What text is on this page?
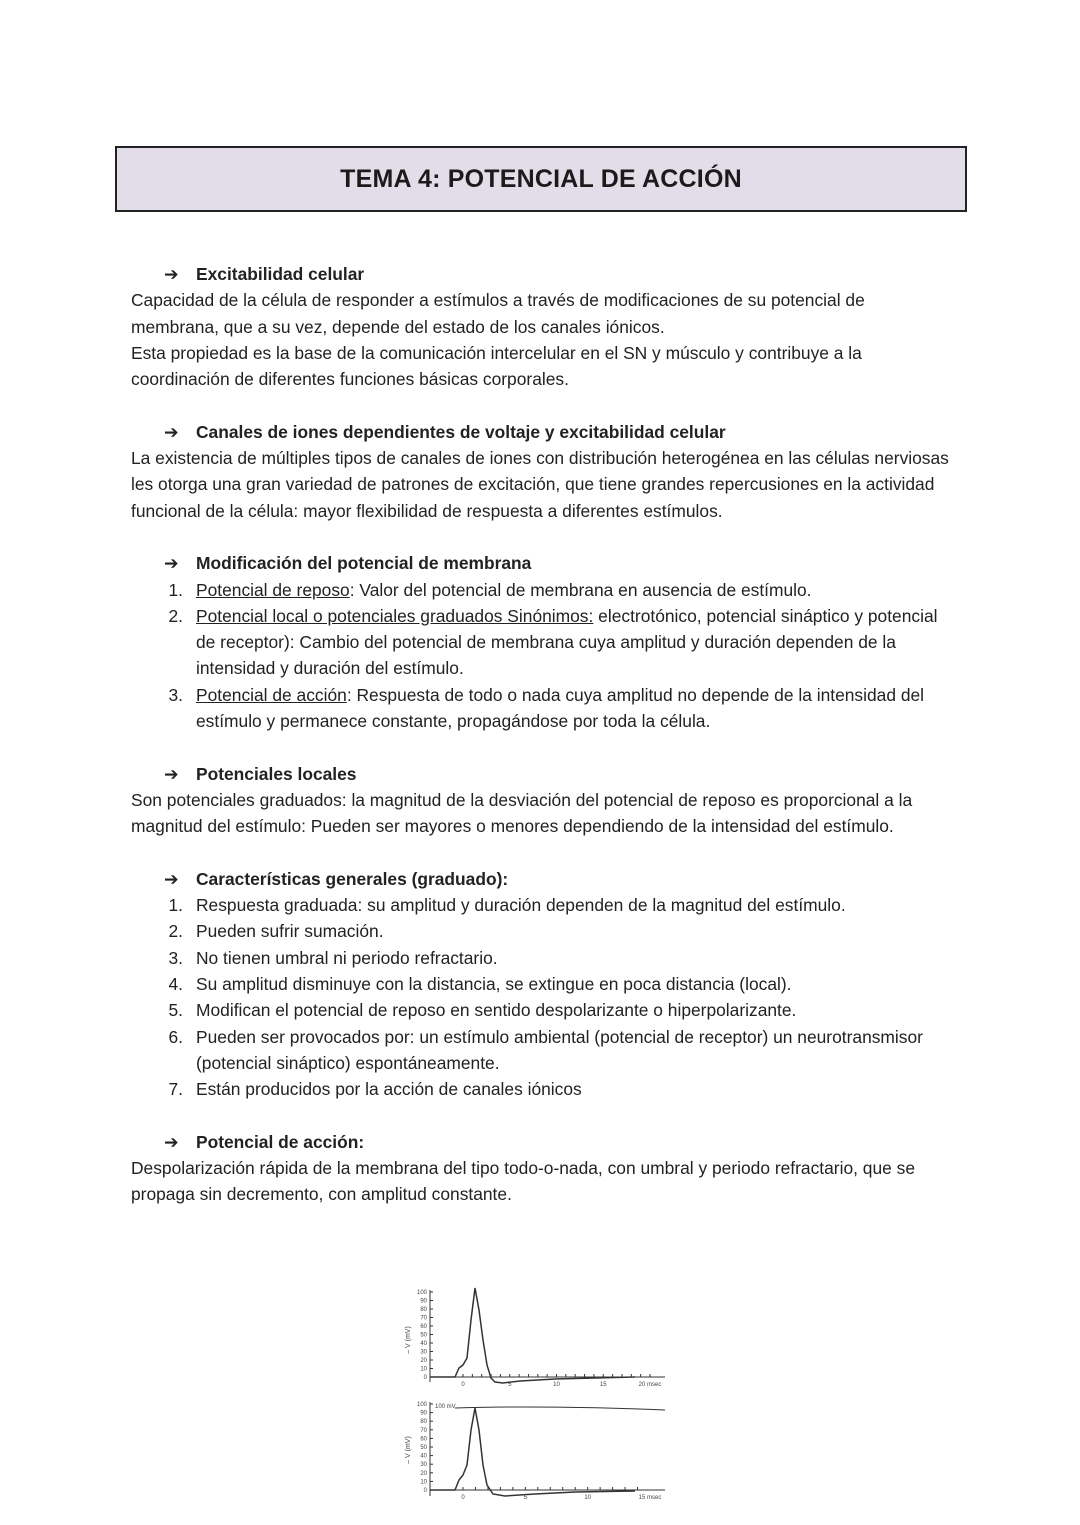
TEMA 4: POTENCIAL DE ACCIÓN
➔	Excitabilidad celular

Capacidad de la célula de responder a estímulos a través de modificaciones de su potencial de membrana, que a su vez, depende del estado de los canales iónicos.

Esta propiedad es la base de la comunicación intercelular en el SN y músculo y contribuye a la coordinación de diferentes funciones básicas corporales.

➔	Canales de iones dependientes de voltaje y excitabilidad celular

La existencia de múltiples tipos de canales de iones con distribución heterogénea en las células nerviosas les otorga una gran variedad de patrones de excitación, que tiene grandes repercusiones en la actividad funcional de la célula: mayor flexibilidad de respuesta a diferentes estímulos.

➔	Modificación del potencial de membrana
1. Potencial de reposo: Valor del potencial de membrana en ausencia de estímulo.
2. Potencial local o potenciales graduados Sinónimos: electrotónico, potencial sináptico y potencial de receptor): Cambio del potencial de membrana cuya amplitud y duración dependen de la intensidad y duración del estímulo.
3. Potencial de acción: Respuesta de todo o nada cuya amplitud no depende de la intensidad del estímulo y permanece constante, propagándose por toda la célula.
➔	Potenciales locales

Son potenciales graduados: la magnitud de la desviación del potencial de reposo es proporcional a la magnitud del estímulo: Pueden ser mayores o menores dependiendo de la intensidad del estímulo.

➔	Características generales (graduado):
1. Respuesta graduada: su amplitud y duración dependen de la magnitud del estímulo.
2. Pueden sufrir sumación.
3. No tienen umbral ni periodo refractario.
4. Su amplitud disminuye con la distancia, se extingue en poca distancia (local).
5. Modifican el potencial de reposo en sentido despolarizante o hiperpolarizante.
6. Pueden ser provocados por: un estímulo ambiental (potencial de receptor) un neurotransmisor (potencial sináptico) espontáneamente.
7. Están producidos por la acción de canales iónicos
➔	Potencial de acción:

Despolarización rápida de la membrana del tipo todo-o-nada, con umbral y periodo refractario, que se propaga sin decremento, con amplitud constante.

– V (mV)
100
90
80
70
60
50
40
30
20
10
0
0	5	10	15	20 msec
– V (mV)
100 mV
100
90
80
70
60
50
40
30
20
10
0
0	5	10	15 msec
